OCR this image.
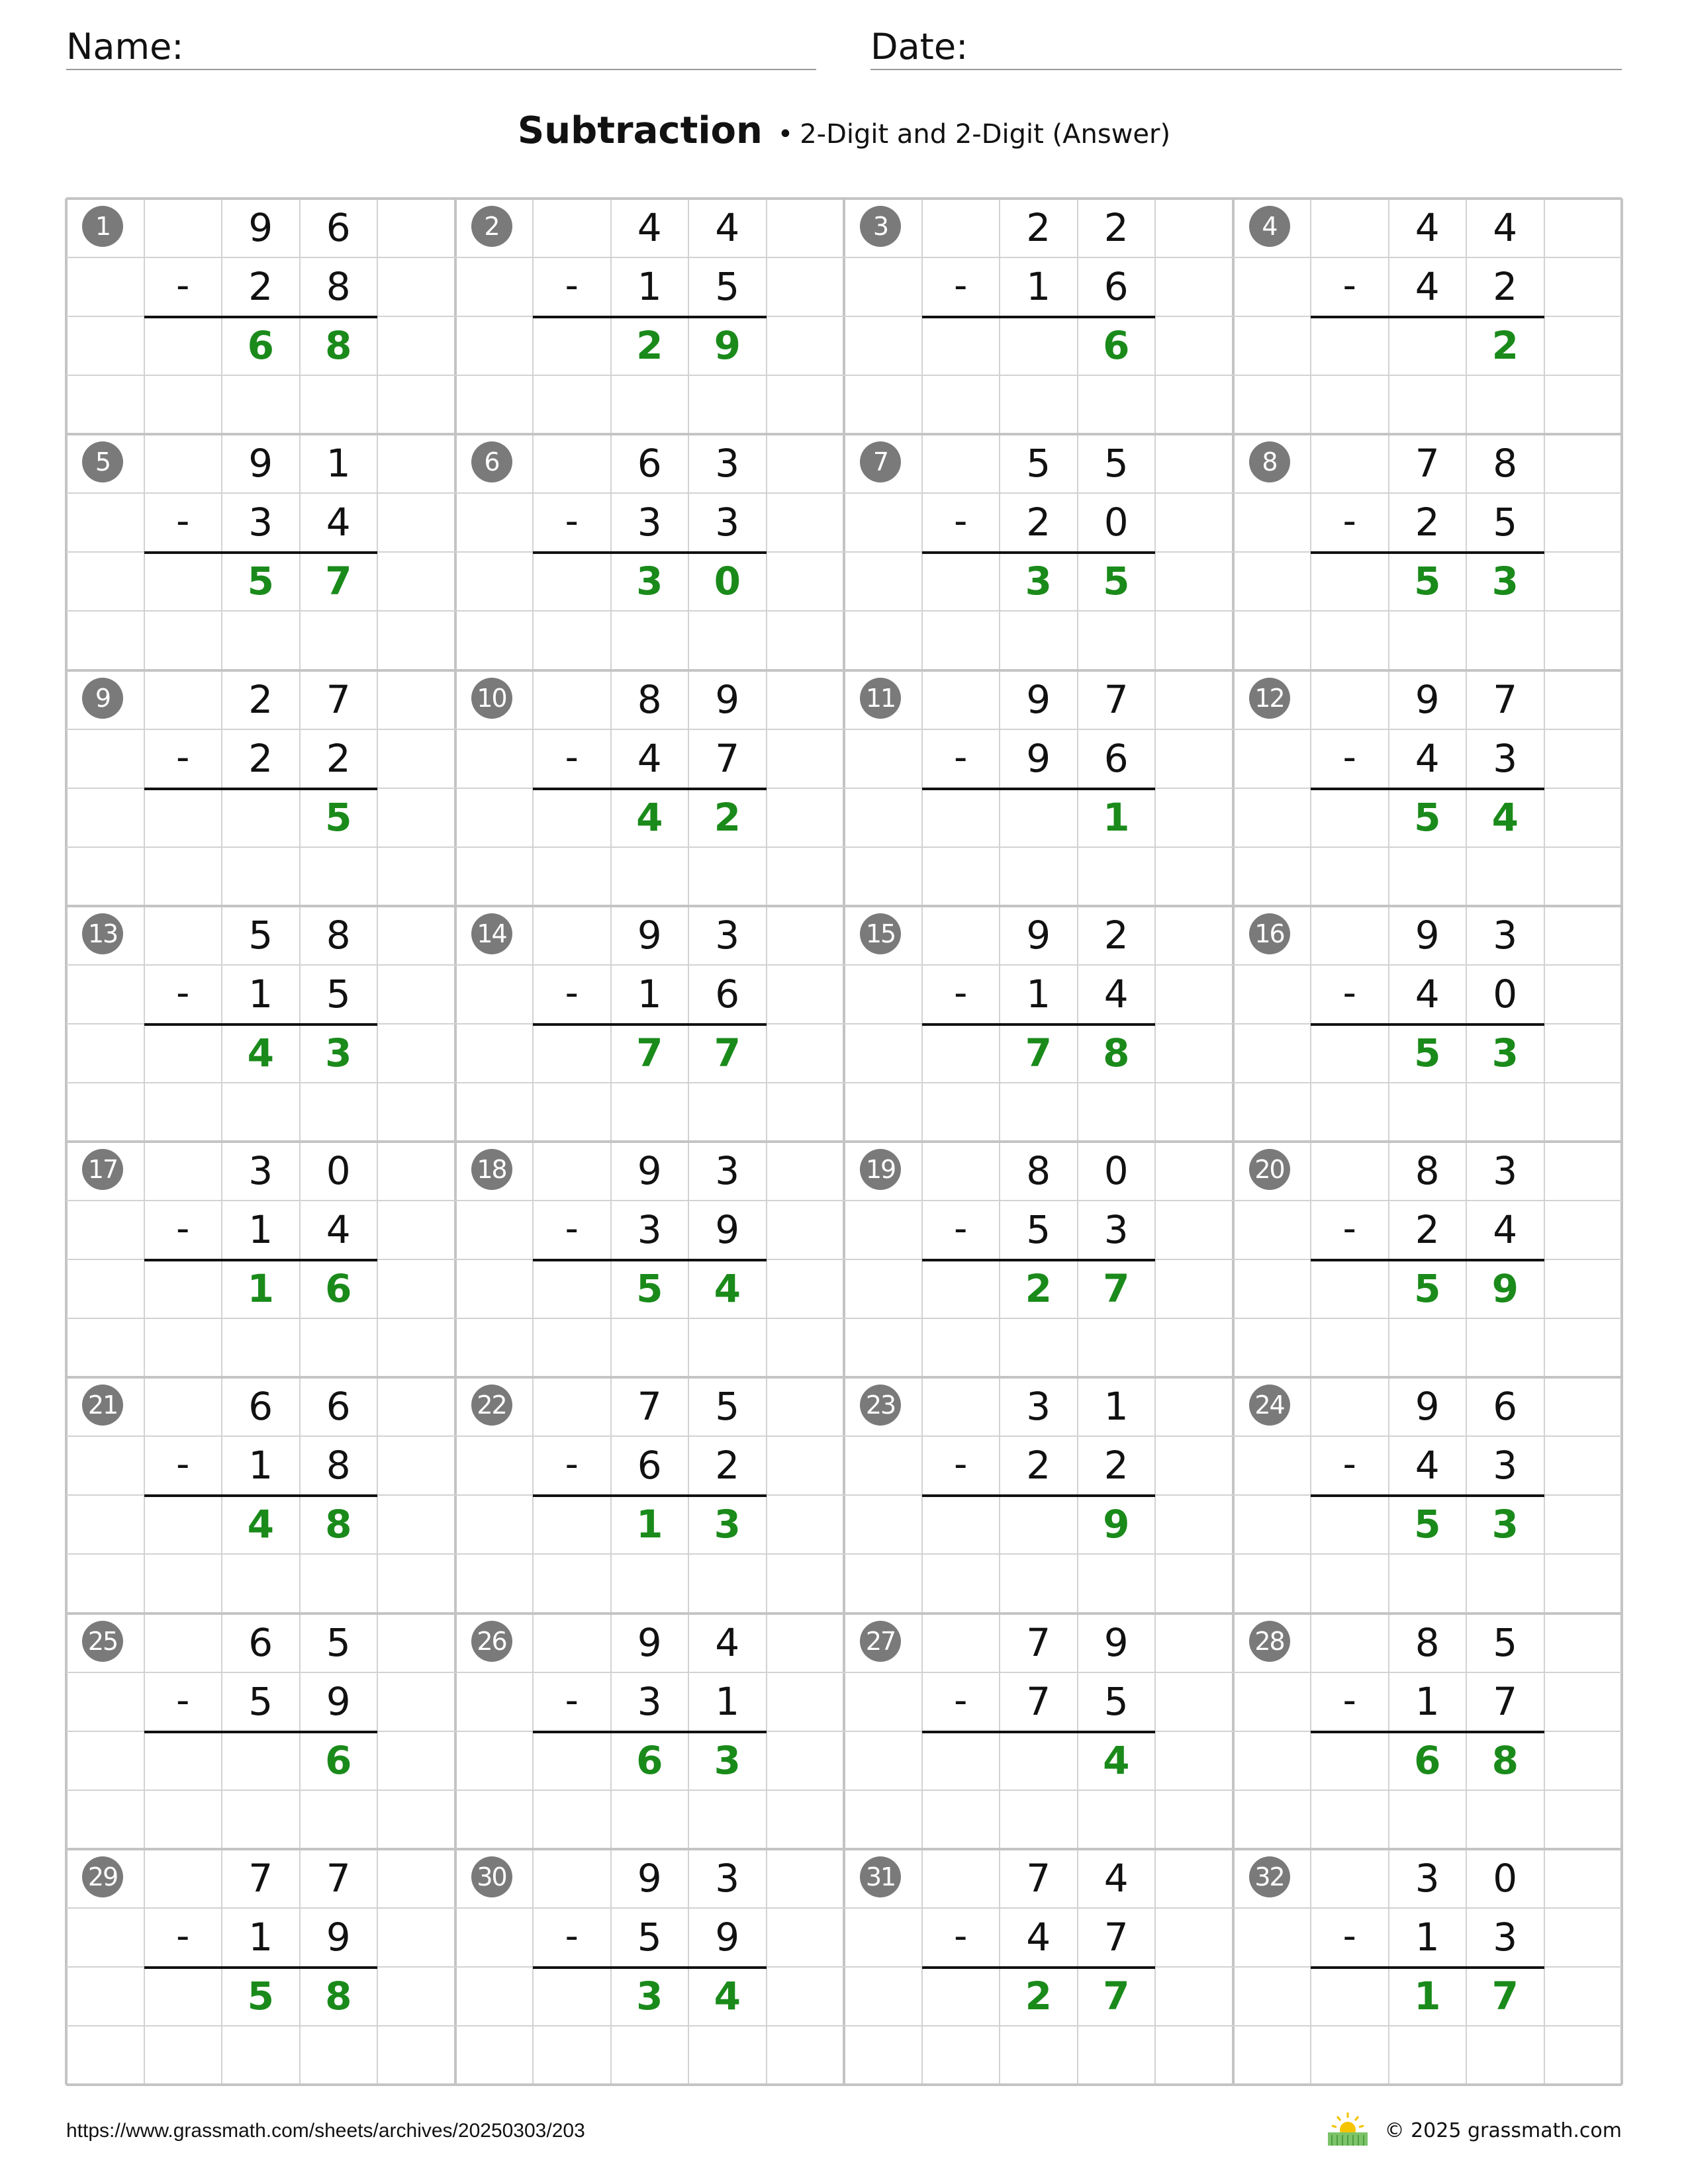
Name:	Date:
Subtraction • 2-Digit and 2-Digit (Answer)
1	9	6
-	2	8
6	8
2	4	4
-	1	5
2	9
3	2	2
-	1	6
6
4	4	4
-	4	2
2
5	9	1
-	3	4
5	7
6	6	3
-	3	3
3	0
7	5	5
-	2	0
3	5
8	7	8
-	2	5
5	3
9	2	7
-	2	2
5
10	8	9
-	4	7
4	2
11	9	7
-	9	6
1
12	9	7
-	4	3
5	4
13	5	8
-	1	5
4	3
14	9	3
-	1	6
7	7
15	9	2
-	1	4
7	8
16	9	3
-	4	0
5	3
17	3	0
-	1	4
1	6
18	9	3
-	3	9
5	4
19	8	0
-	5	3
2	7
20	8	3
-	2	4
5	9
21	6	6
-	1	8
4	8
22	7	5
-	6	2
1	3
23	3	1
-	2	2
9
24	9	6
-	4	3
5	3
25	6	5
-	5	9
6
26	9	4
-	3	1
6	3
27	7	9
-	7	5
4
28	8	5
-	1	7
6	8
29	7	7
-	1	9
5	8
30	9	3
-	5	9
3	4
31	7	4
-	4	7
2	7
32	3	0
-	1	3
1	7
https://www.grassmath.com/sheets/archives/20250303/203	© 2025 grassmath.com
